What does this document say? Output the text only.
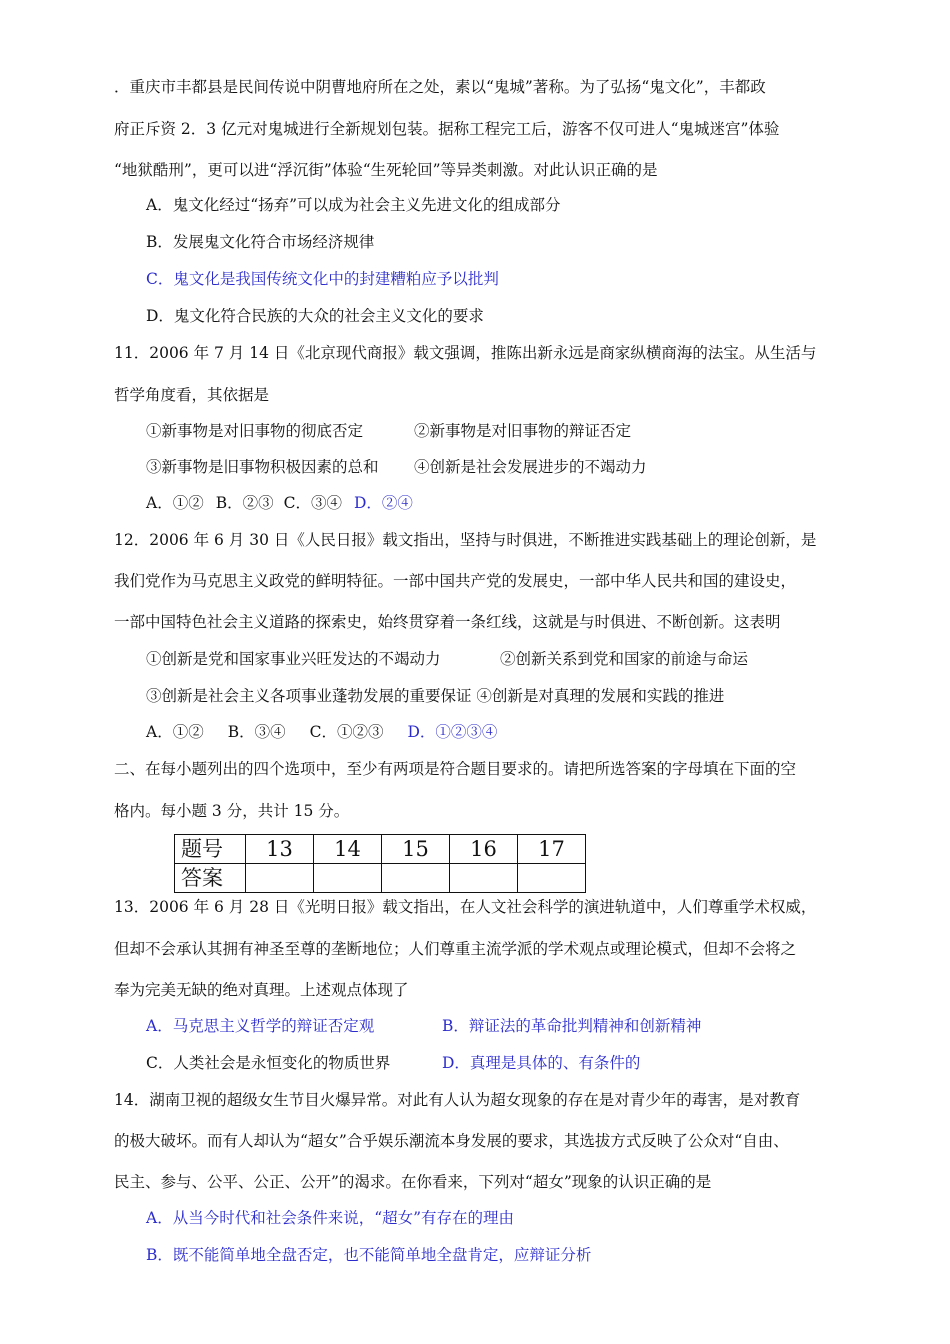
．重庆市丰都县是民间传说中阴曹地府所在之处，素以“鬼城”著称。为了弘扬“鬼文化”，丰都政
府正斥资 2．3 亿元对鬼城进行全新规划包装。据称工程完工后，游客不仅可进人“鬼城迷宫”体验
“地狱酷刑”，更可以进“浮沉街”体验“生死轮回”等异类刺激。对此认识正确的是
A．鬼文化经过“扬弃”可以成为社会主义先进文化的组成部分
B．发展鬼文化符合市场经济规律
C．鬼文化是我国传统文化中的封建糟粕应予以批判
D．鬼文化符合民族的大众的社会主义文化的要求
11．2006 年 7 月 14 日《北京现代商报》载文强调，推陈出新永远是商家纵横商海的法宝。从生活与
哲学角度看，其依据是
①新事物是对旧事物的彻底否定	②新事物是对旧事物的辩证否定
③新事物是旧事物积极因素的总和 ④创新是社会发展进步的不竭动力
A．①② B．②③ C．③④ D．②④
12．2006 年 6 月 30 日《人民日报》载文指出，坚持与时俱进，不断推进实践基础上的理论创新，是
我们党作为马克思主义政党的鲜明特征。一部中国共产党的发展史，一部中华人民共和国的建设史，
一部中国特色社会主义道路的探索史，始终贯穿着一条红线，这就是与时俱进、不断创新。这表明
①创新是党和国家事业兴旺发达的不竭动力	②创新关系到党和国家的前途与命运
③创新是社会主义各项事业蓬勃发展的重要保证 ④创新是对真理的发展和实践的推进
A．①② B．③④ C．①②③ D．①②③④
二、在每小题列出的四个选项中，至少有两项是符合题目要求的。请把所选答案的字母填在下面的空
格内。每小题 3 分，共计 15 分。
题号	13	14	15	16	17
答案					
13．2006 年 6 月 28 日《光明日报》载文指出，在人文社会科学的演进轨道中，人们尊重学术权威，
但却不会承认其拥有神圣至尊的垄断地位；人们尊重主流学派的学术观点或理论模式，但却不会将之
奉为完美无缺的绝对真理。上述观点体现了
A．马克思主义哲学的辩证否定观	B．辩证法的革命批判精神和创新精神
C．人类社会是永恒变化的物质世界	D．真理是具体的、有条件的
14．湖南卫视的超级女生节目火爆异常。对此有人认为超女现象的存在是对青少年的毒害，是对教育
的极大破坏。而有人却认为“超女”合乎娱乐潮流本身发展的要求，其选拔方式反映了公众对“自由、
民主、参与、公平、公正、公开”的渴求。在你看来，下列对“超女”现象的认识正确的是
A．从当今时代和社会条件来说，“超女”有存在的理由
B．既不能简单地全盘否定，也不能简单地全盘肯定，应辩证分析
